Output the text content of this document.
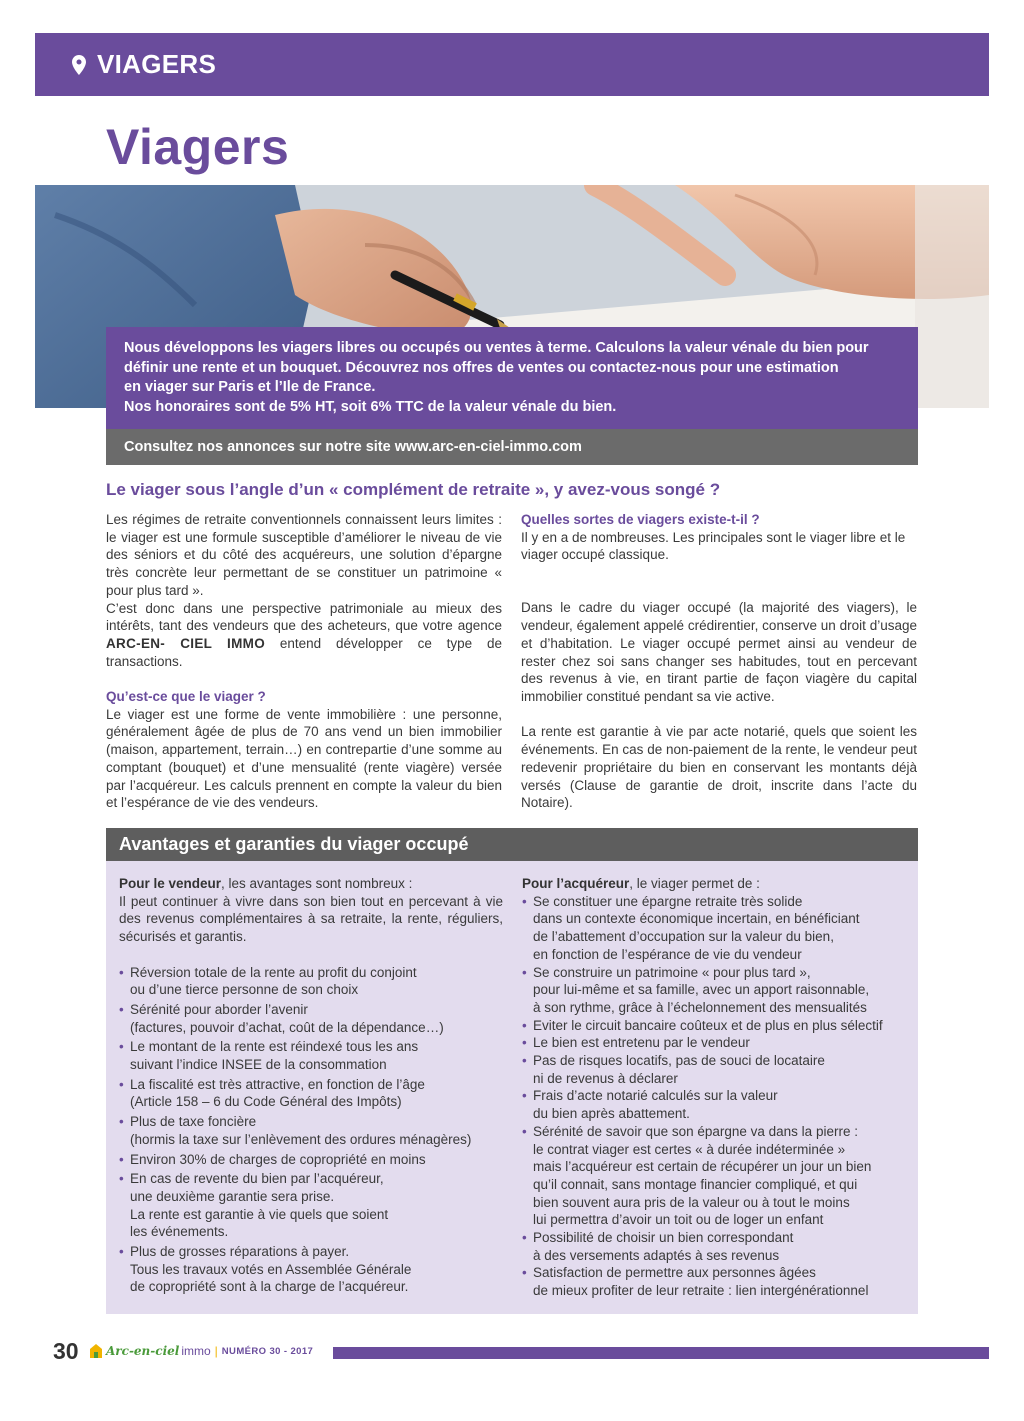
VIAGERS
Viagers

Nous développons les viagers libres ou occupés ou ventes à terme. Calculons la valeur vénale du bien pour

définir une rente et un bouquet. Découvrez nos offres de ventes ou contactez-nous pour une estimation

en viager sur Paris et l’Ile de France.

Nos honoraires sont de 5% HT, soit 6% TTC de la valeur vénale du bien.

Consultez nos annonces sur notre site www.arc-en-ciel-immo.com
Le viager sous l’angle d’un « complément de retraite », y avez-vous songé ?

Les régimes de retraite conventionnels connaissent leurs limites : le viager est une formule susceptible d’améliorer le niveau de vie des séniors et du côté des acquéreurs, une solution d’épargne très concrète leur permettant de se constituer un patrimoine « pour plus tard ».

C’est donc dans une perspective patrimoniale au mieux des intérêts, tant des vendeurs que des acheteurs, que votre agence ARC-EN- CIEL IMMO entend développer ce type de transactions.

Qu’est-ce que le viager ?

Le viager est une forme de vente immobilière : une personne, généralement âgée de plus de 70 ans vend un bien immobilier (maison, appartement, terrain…) en contrepartie d’une somme au comptant (bouquet) et d’une mensualité (rente viagère) versée par l’acquéreur. Les calculs prennent en compte la valeur du bien et l’espérance de vie des vendeurs.

Quelles sortes de viagers existe-t-il ?

Il y en a de nombreuses. Les principales sont le viager libre et le viager occupé classique.

Dans le cadre du viager occupé (la majorité des viagers), le vendeur, également appelé crédirentier, conserve un droit d’usage et d’habitation. Le viager occupé permet ainsi au vendeur de rester chez soi sans changer ses habitudes, tout en percevant des revenus à vie, en tirant partie de façon viagère du capital immobilier constitué pendant sa vie active.

La rente est garantie à vie par acte notarié, quels que soient les événements. En cas de non-paiement de la rente, le vendeur peut redevenir propriétaire du bien en conservant les montants déjà versés (Clause de garantie de droit, inscrite dans l’acte du Notaire).

Avantages et garanties du viager occupé

Pour le vendeur, les avantages sont nombreux :

Il peut continuer à vivre dans son bien tout en percevant à vie des revenus complémentaires à sa retraite, la rente, réguliers, sécurisés et garantis.

• Réversion totale de la rente au profit du conjoint
ou d’une tierce personne de son choix
• Sérénité pour aborder l’avenir
(factures, pouvoir d’achat, coût de la dépendance…)
• Le montant de la rente est réindexé tous les ans
suivant l’indice INSEE de la consommation
• La fiscalité est très attractive, en fonction de l’âge
(Article 158 – 6 du Code Général des Impôts)
• Plus de taxe foncière
(hormis la taxe sur l’enlèvement des ordures ménagères)
• Environ 30% de charges de copropriété en moins
• En cas de revente du bien par l’acquéreur,
une deuxième garantie sera prise.
La rente est garantie à vie quels que soient
les événements.
• Plus de grosses réparations à payer.
Tous les travaux votés en Assemblée Générale
de copropriété sont à la charge de l’acquéreur.

Pour l’acquéreur, le viager permet de :

• Se constituer une épargne retraite très solide
dans un contexte économique incertain, en bénéficiant
de l’abattement d’occupation sur la valeur du bien,
en fonction de l’espérance de vie du vendeur
• Se construire un patrimoine « pour plus tard »,
pour lui-même et sa famille, avec un apport raisonnable,
à son rythme, grâce à l’échelonnement des mensualités
• Eviter le circuit bancaire coûteux et de plus en plus sélectif
• Le bien est entretenu par le vendeur
• Pas de risques locatifs, pas de souci de locataire
ni de revenus à déclarer
• Frais d’acte notarié calculés sur la valeur
du bien après abattement.
• Sérénité de savoir que son épargne va dans la pierre :
le contrat viager est certes « à durée indéterminée »
mais l’acquéreur est certain de récupérer un jour un bien
qu’il connait, sans montage financier compliqué, et qui
bien souvent aura pris de la valeur ou à tout le moins
lui permettra d’avoir un toit ou de loger un enfant
• Possibilité de choisir un bien correspondant
à des versements adaptés à ses revenus
• Satisfaction de permettre aux personnes âgées
de mieux profiter de leur retraite : lien intergénérationnel
30	Arc-en-ciel immo | NUMÉRO 30 - 2017
